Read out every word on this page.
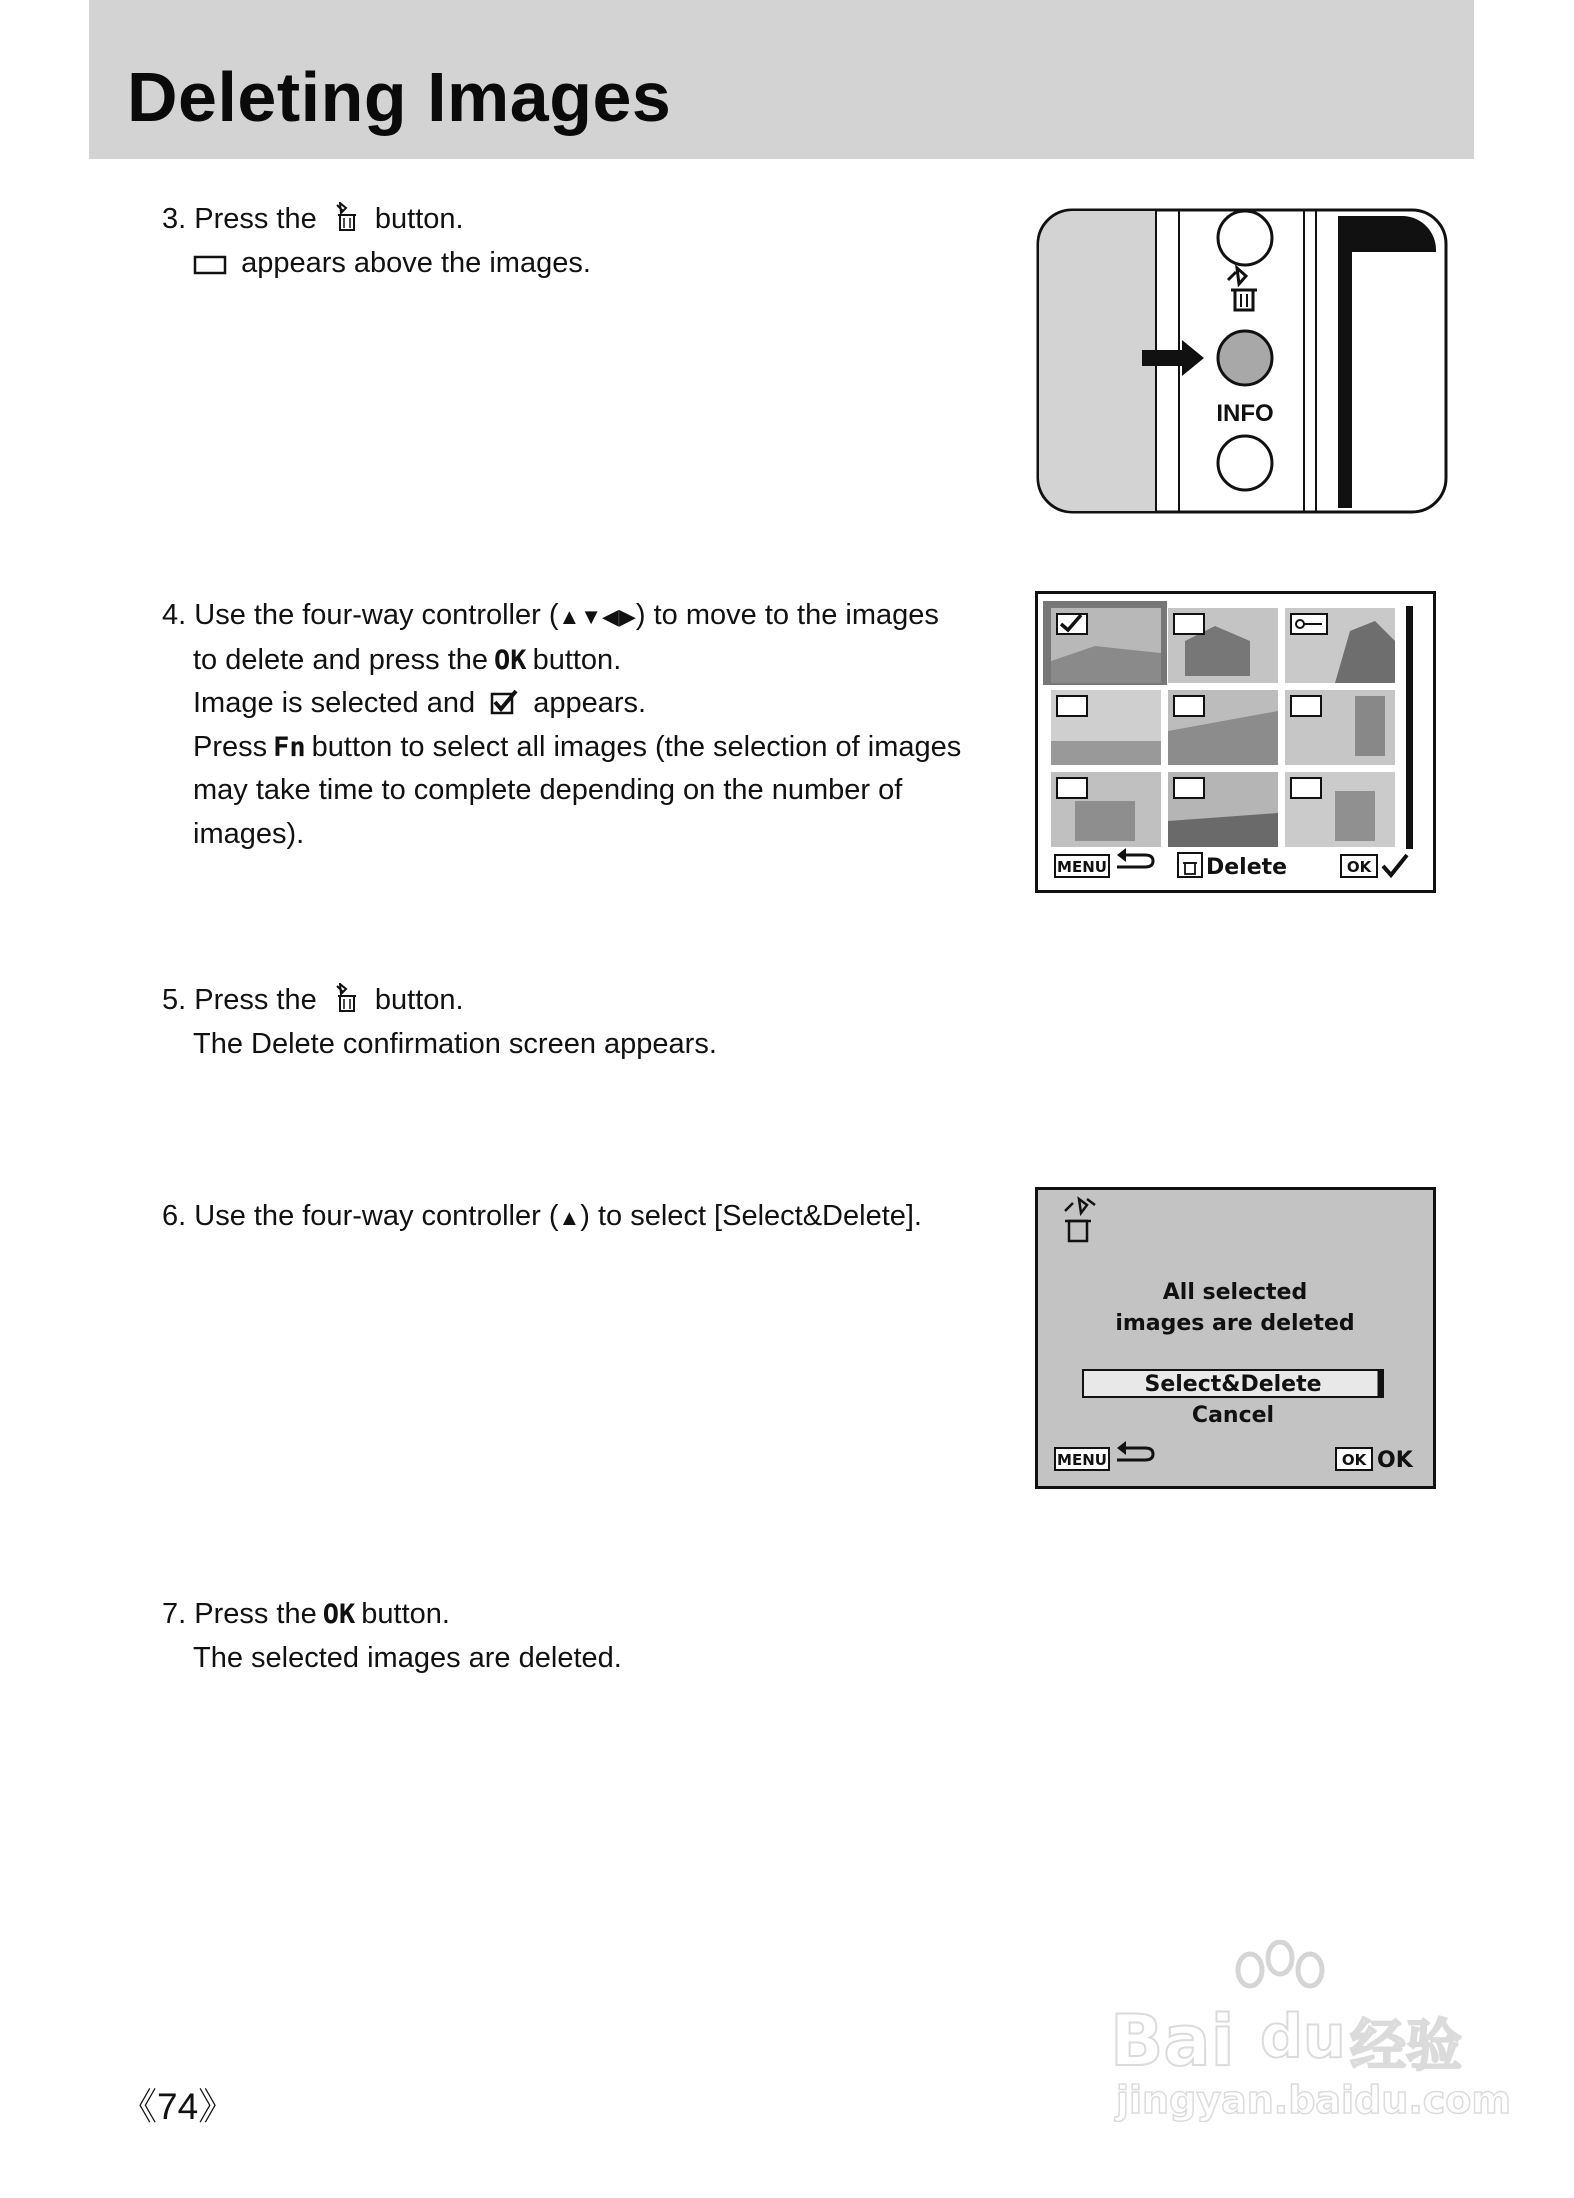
Deleting Images
3. Press the button.
appears above the images.
INFO
4. Use the four-way controller (▲▼◀▶) to move to the images
to delete and press the OK button.
Image is selected and appears.
Press Fn button to select all images (the selection of images
may take time to complete depending on the number of
images).
MENU	Delete	OK
5. Press the button.
The Delete confirmation screen appears.
6. Use the four-way controller (▲) to select [Select&Delete].
All selected
images are deleted
Select&Delete
Cancel
MENU	OK OK
7. Press the OK button.
The selected images are deleted.
《74》
Bai du 经验
jingyan.baidu.com
